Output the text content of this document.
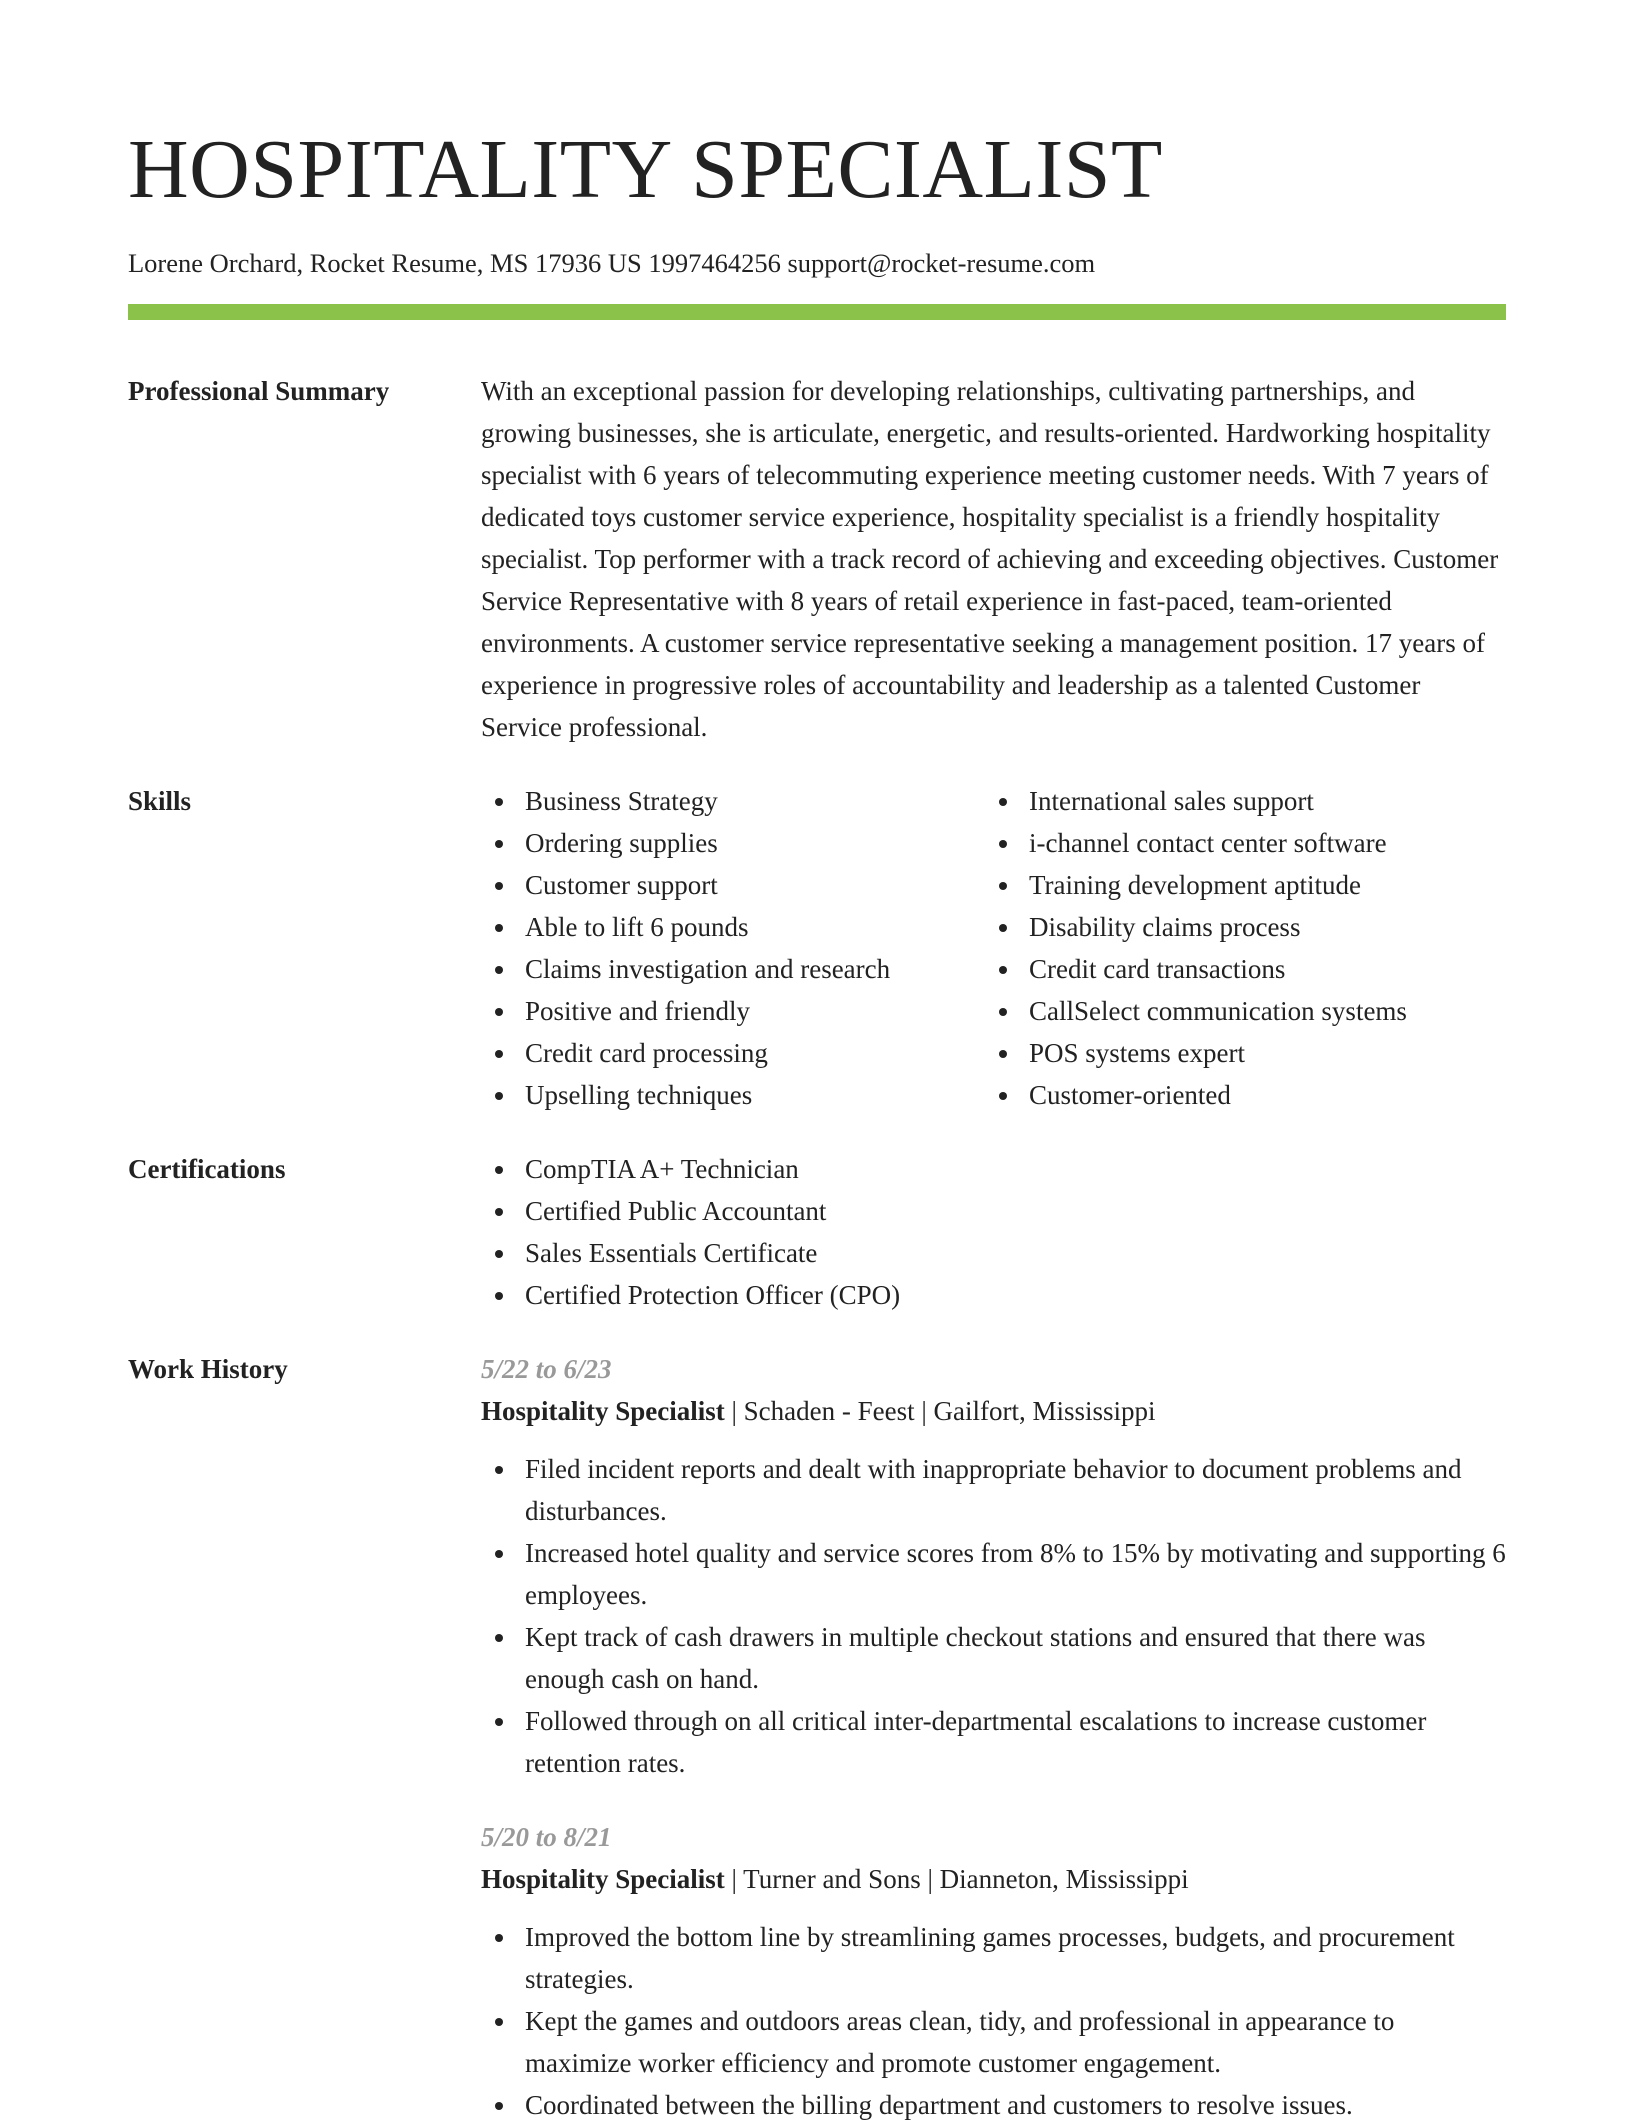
HOSPITALITY SPECIALIST
Lorene Orchard, Rocket Resume, MS 17936 US 1997464256 support@rocket-resume.com
Professional Summary	With an exceptional passion for developing relationships, cultivating partnerships, and growing businesses, she is articulate, energetic, and results-oriented. Hardworking hospitality specialist with 6 years of telecommuting experience meeting customer needs. With 7 years of dedicated toys customer service experience, hospitality specialist is a friendly hospitality specialist. Top performer with a track record of achieving and exceeding objectives. Customer Service Representative with 8 years of retail experience in fast-paced, team-oriented environments. A customer service representative seeking a management position. 17 years of experience in progressive roles of accountability and leadership as a talented Customer Service professional.
Skills	Business Strategy
Ordering supplies
Customer support
Able to lift 6 pounds
Claims investigation and research
Positive and friendly
Credit card processing
Upselling techniques
International sales support
i-channel contact center software
Training development aptitude
Disability claims process
Credit card transactions
CallSelect communication systems
POS systems expert
Customer-oriented
Certifications	CompTIA A+ Technician
Certified Public Accountant
Sales Essentials Certificate
Certified Protection Officer (CPO)
Work History	5/22 to 6/23
Hospitality Specialist | Schaden - Feest | Gailfort, Mississippi
Filed incident reports and dealt with inappropriate behavior to document problems and disturbances.
Increased hotel quality and service scores from 8% to 15% by motivating and supporting 6 employees.
Kept track of cash drawers in multiple checkout stations and ensured that there was enough cash on hand.
Followed through on all critical inter-departmental escalations to increase customer retention rates.
5/20 to 8/21
Hospitality Specialist | Turner and Sons | Dianneton, Mississippi
Improved the bottom line by streamlining games processes, budgets, and procurement strategies.
Kept the games and outdoors areas clean, tidy, and professional in appearance to maximize worker efficiency and promote customer engagement.
Coordinated between the billing department and customers to resolve issues.
